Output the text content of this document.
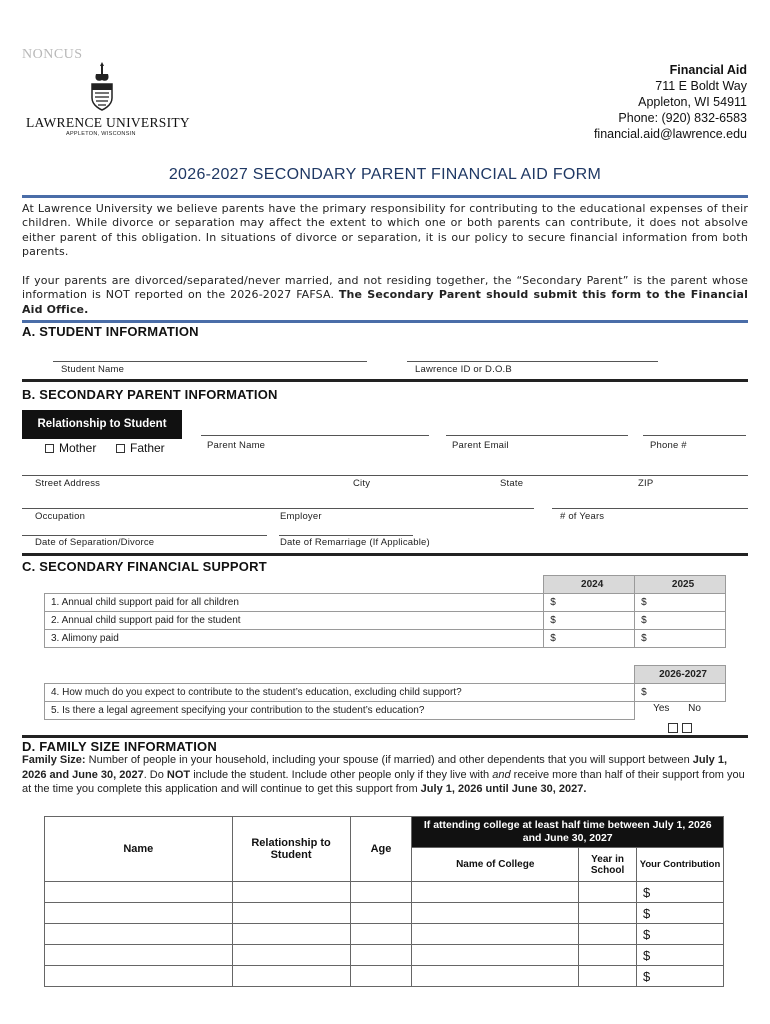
NONCUS
LAWRENCE UNIVERSITY
APPLETON, WISCONSIN
Financial Aid
711 E Boldt Way
Appleton, WI 54911
Phone: (920) 832-6583
financial.aid@lawrence.edu
2026-2027 SECONDARY PARENT FINANCIAL AID FORM
At Lawrence University we believe parents have the primary responsibility for contributing to the educational expenses of their children. While divorce or separation may affect the extent to which one or both parents can contribute, it does not absolve either parent of this obligation. In situations of divorce or separation, it is our policy to secure financial information from both parents.
If your parents are divorced/separated/never married, and not residing together, the “Secondary Parent” is the parent whose information is NOT reported on the 2026-2027 FAFSA. The Secondary Parent should submit this form to the Financial Aid Office.
A. STUDENT INFORMATION
Student Name	Lawrence ID or D.O.B
B. SECONDARY PARENT INFORMATION
Relationship to Student
Mother	Father	Parent Name	Parent Email	Phone #
Street Address	City	State	ZIP
Occupation	Employer	# of Years
Date of Separation/Divorce	Date of Remarriage (If Applicable)
C. SECONDARY FINANCIAL SUPPORT
	2024	2025
1. Annual child support paid for all children	$	$
2. Annual child support paid for the student	$	$
3. Alimony paid	$	$
	2026-2027
4. How much do you expect to contribute to the student’s education, excluding child support?	$
5. Is there a legal agreement specifying your contribution to the student’s education?	Yes No
D. FAMILY SIZE INFORMATION
Family Size: Number of people in your household, including your spouse (if married) and other dependents that you will support between July 1, 2026 and June 30, 2027. Do NOT include the student. Include other people only if they live with and receive more than half of their support from you at the time you complete this application and will continue to get this support from July 1, 2026 until June 30, 2027.
Name	Relationship to Student	Age	If attending college at least half time between July 1, 2026 and June 30, 2027		
			Name of College	Year in School	Your Contribution
					$
					$
					$
					$
					$
